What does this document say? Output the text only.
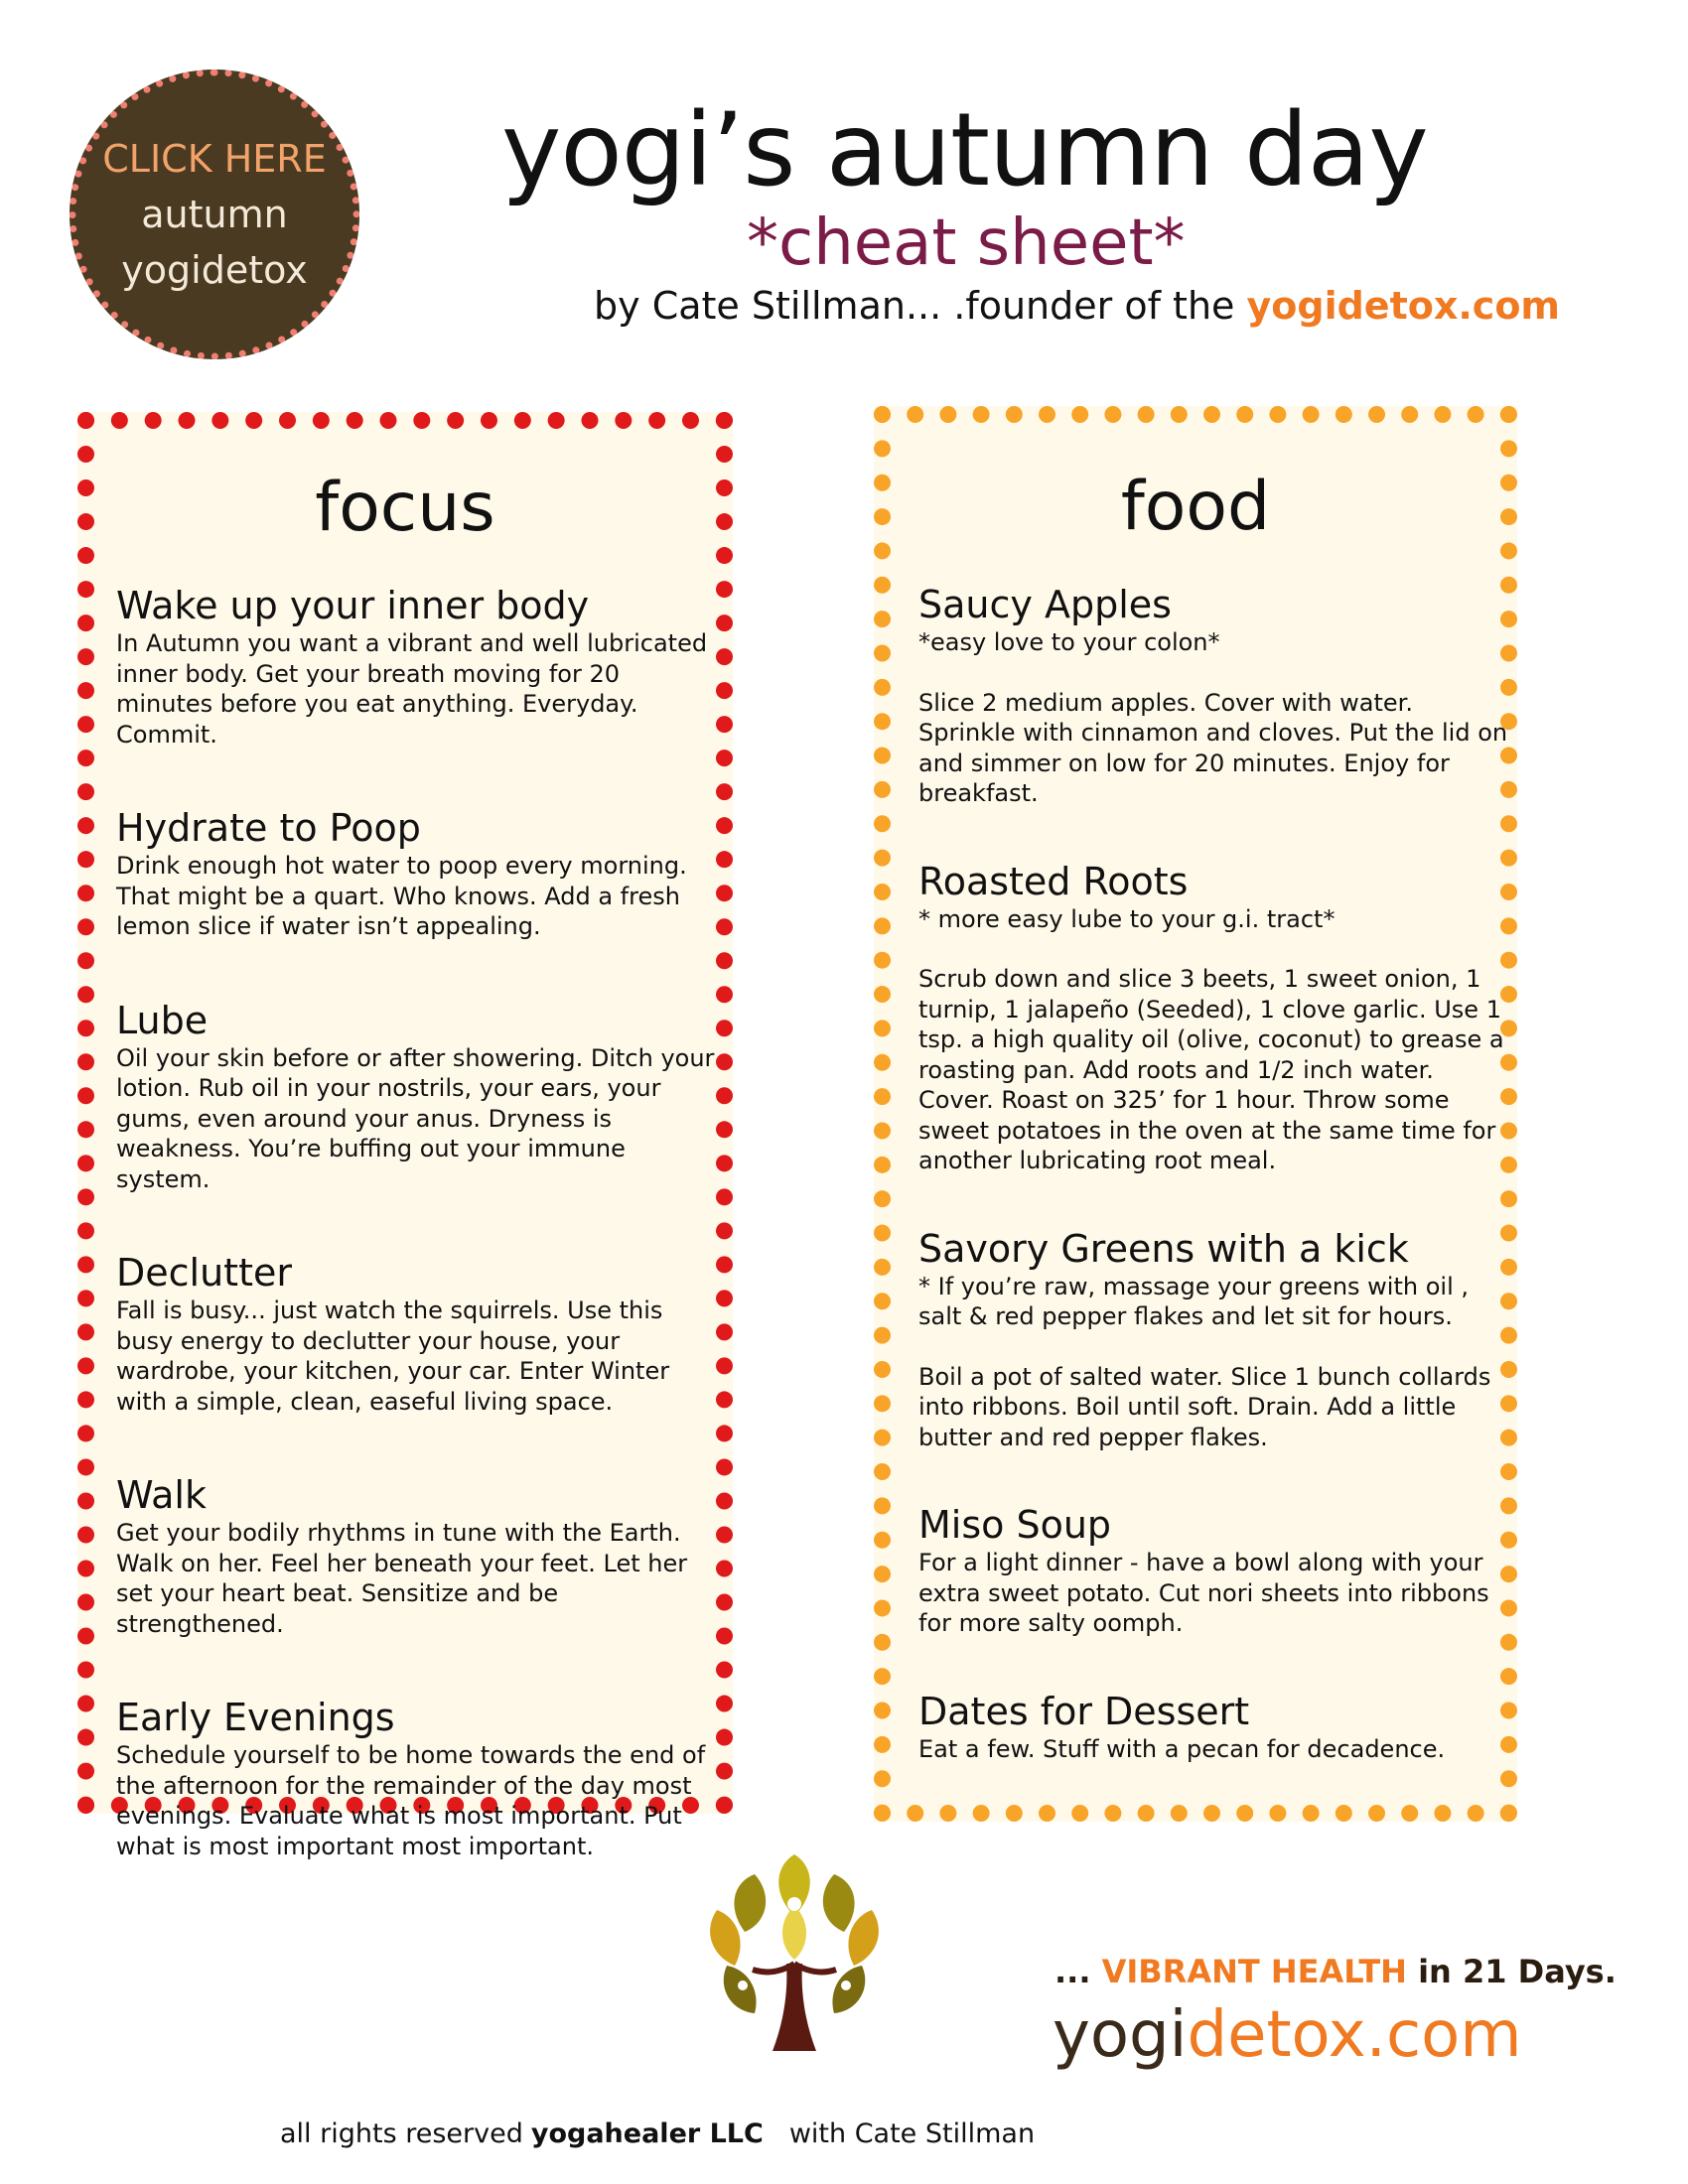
CLICK HERE
autumn
yogidetox
yogi’s autumn day
*cheat sheet*
by Cate Stillman... .founder of the yogidetox.com
focus

Wake up your inner body

In Autumn you want a vibrant and well lubricated inner body. Get your breath moving for 20 minutes before you eat anything. Everyday. Commit.

Hydrate to Poop

Drink enough hot water to poop every morning. That might be a quart. Who knows. Add a fresh lemon slice if water isn’t appealing.

Lube

Oil your skin before or after showering. Ditch your lotion. Rub oil in your nostrils, your ears, your gums, even around your anus. Dryness is weakness. You’re buffing out your immune system.

Declutter

Fall is busy... just watch the squirrels. Use this busy energy to declutter your house, your wardrobe, your kitchen, your car. Enter Winter with a simple, clean, easeful living space.

Walk

Get your bodily rhythms in tune with the Earth. Walk on her. Feel her beneath your feet. Let her set your heart beat. Sensitize and be strengthened.

Early Evenings

Schedule yourself to be home towards the end of the afternoon for the remainder of the day most evenings. Evaluate what is most important. Put what is most important most important.

food

Saucy Apples

*easy love to your colon*

Slice 2 medium apples. Cover with water. Sprinkle with cinnamon and cloves. Put the lid on and simmer on low for 20 minutes. Enjoy for breakfast.

Roasted Roots

* more easy lube to your g.i. tract*

Scrub down and slice 3 beets, 1 sweet onion, 1 turnip, 1 jalapeño (Seeded), 1 clove garlic. Use 1 tsp. a high quality oil (olive, coconut) to grease a roasting pan. Add roots and 1/2 inch water. Cover. Roast on 325’ for 1 hour. Throw some sweet potatoes in the oven at the same time for another lubricating root meal.

Savory Greens with a kick

* If you’re raw, massage your greens with oil , salt & red pepper flakes and let sit for hours.

Boil a pot of salted water. Slice 1 bunch collards into ribbons. Boil until soft. Drain. Add a little butter and red pepper flakes.

Miso Soup

For a light dinner - have a bowl along with your extra sweet potato. Cut nori sheets into ribbons for more salty oomph.

Dates for Dessert

Eat a few. Stuff with a pecan for decadence.

... VIBRANT HEALTH in 21 Days.
yogidetox.com
all rights reserved yogahealer LLC with Cate Stillman
